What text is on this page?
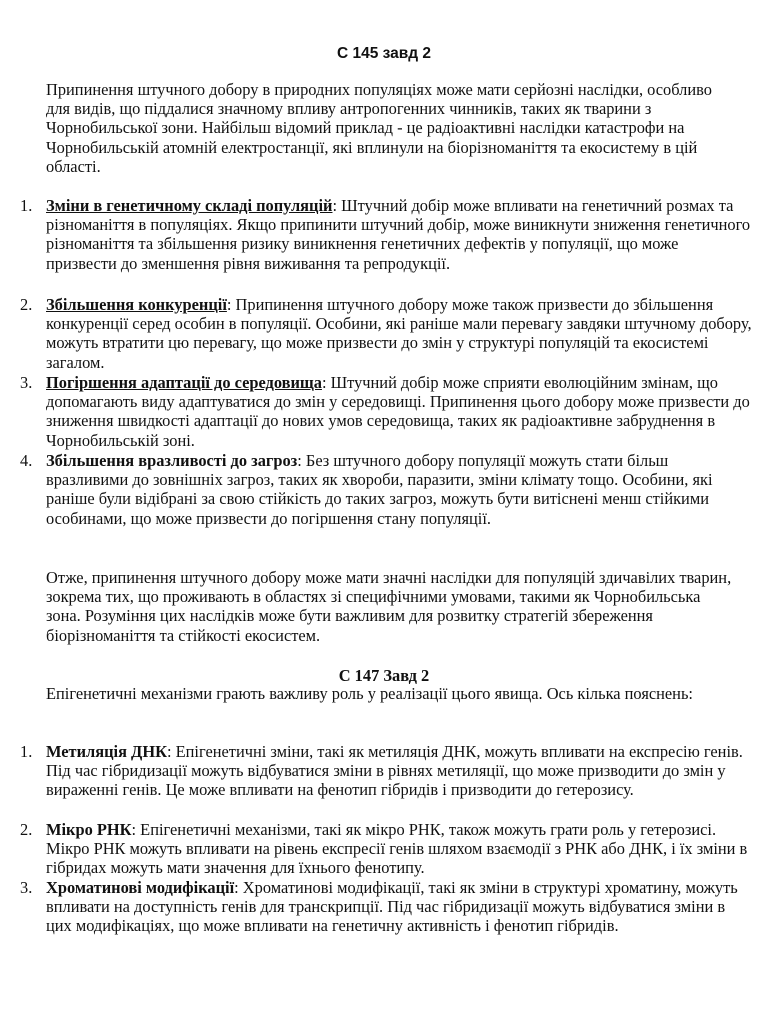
С 145 завд 2

Припинення штучного добору в природних популяціях може мати серйозні наслідки, особливо для видів, що піддалися значному впливу антропогенних чинників, таких як тварини з Чорнобильської зони. Найбільш відомий приклад - це радіоактивні наслідки катастрофи на Чорнобильській атомній електростанції, які вплинули на біорізноманіття та екосистему в цій області.

1. Зміни в генетичному складі популяцій: Штучний добір може впливати на генетичний розмах та різноманіття в популяціях. Якщо припинити штучний добір, може виникнути зниження генетичного різноманіття та збільшення ризику виникнення генетичних дефектів у популяції, що може призвести до зменшення рівня виживання та репродукції.
2. Збільшення конкуренції: Припинення штучного добору може також призвести до збільшення конкуренції серед особин в популяції. Особини, які раніше мали перевагу завдяки штучному добору, можуть втратити цю перевагу, що може призвести до змін у структурі популяцій та екосистемі загалом.
3. Погіршення адаптації до середовища: Штучний добір може сприяти еволюційним змінам, що допомагають виду адаптуватися до змін у середовищі. Припинення цього добору може призвести до зниження швидкості адаптації до нових умов середовища, таких як радіоактивне забруднення в Чорнобильській зоні.
4. Збільшення вразливості до загроз: Без штучного добору популяції можуть стати більш вразливими до зовнішніх загроз, таких як хвороби, паразити, зміни клімату тощо. Особини, які раніше були відібрані за свою стійкість до таких загроз, можуть бути витіснені менш стійкими особинами, що може призвести до погіршення стану популяції.

Отже, припинення штучного добору може мати значні наслідки для популяцій здичавілих тварин, зокрема тих, що проживають в областях зі специфічними умовами, такими як Чорнобильська зона. Розуміння цих наслідків може бути важливим для розвитку стратегій збереження біорізноманіття та стійкості екосистем.

С 147 Завд 2

Епігенетичні механізми грають важливу роль у реалізації цього явища. Ось кілька пояснень:

1. Метиляція ДНК: Епігенетичні зміни, такі як метиляція ДНК, можуть впливати на експресію генів. Під час гібридизації можуть відбуватися зміни в рівнях метиляції, що може призводити до змін у вираженні генів. Це може впливати на фенотип гібридів і призводити до гетерозису.
2. Мікро РНК: Епігенетичні механізми, такі як мікро РНК, також можуть грати роль у гетерозисі. Мікро РНК можуть впливати на рівень експресії генів шляхом взаємодії з РНК або ДНК, і їх зміни в гібридах можуть мати значення для їхнього фенотипу.
3. Хроматинові модифікації: Хроматинові модифікації, такі як зміни в структурі хроматину, можуть впливати на доступність генів для транскрипції. Під час гібридизації можуть відбуватися зміни в цих модифікаціях, що може впливати на генетичну активність і фенотип гібридів.
